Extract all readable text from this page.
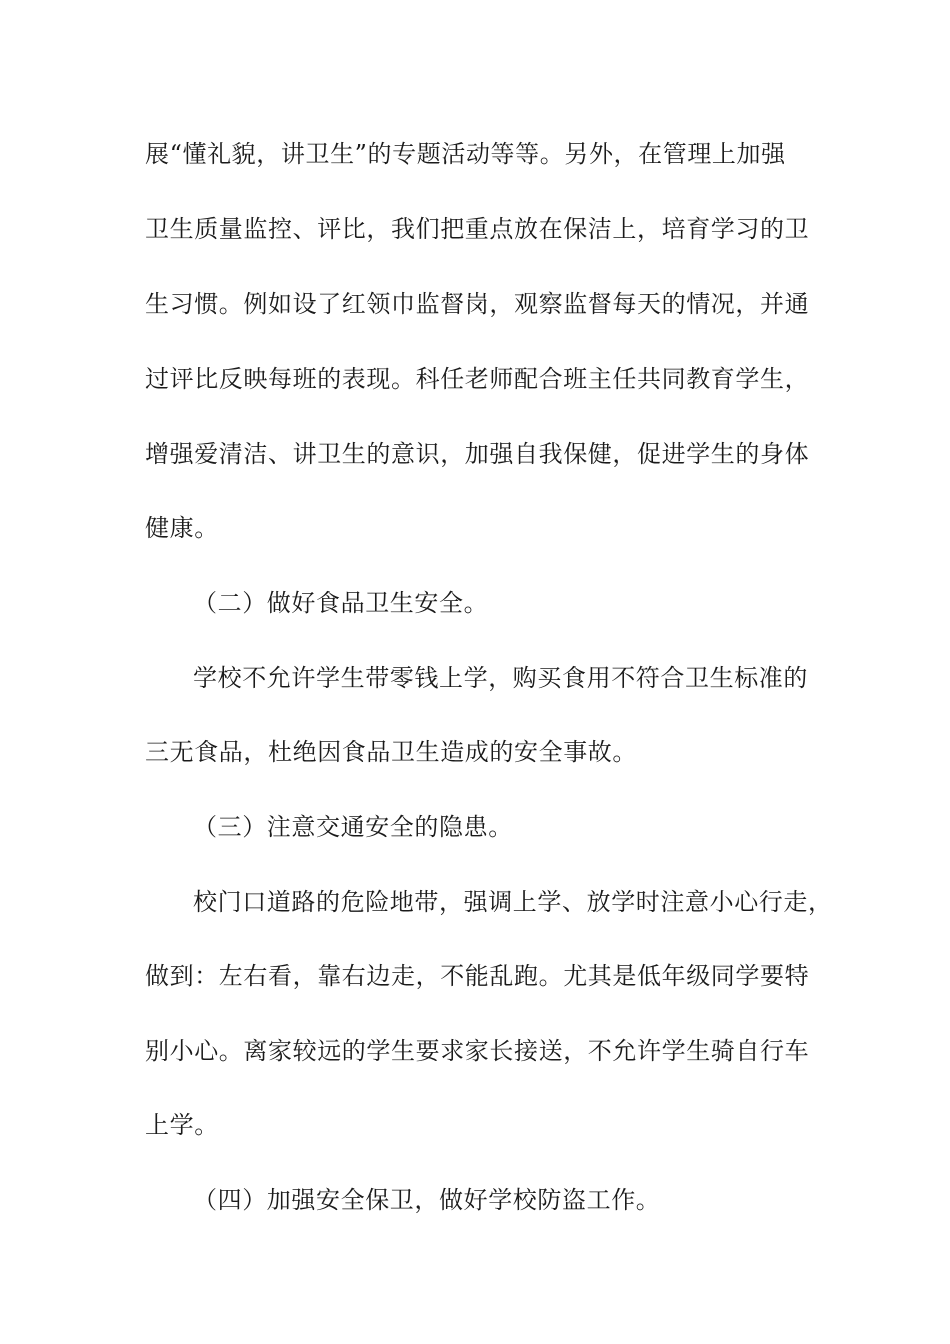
展“懂礼貌，讲卫生”的专题活动等等。另外，在管理上加强
卫生质量监控、评比，我们把重点放在保洁上，培育学习的卫
生习惯。例如设了红领巾监督岗，观察监督每天的情况，并通
过评比反映每班的表现。科任老师配合班主任共同教育学生，
增强爱清洁、讲卫生的意识，加强自我保健，促进学生的身体
健康。
（二）做好食品卫生安全。
学校不允许学生带零钱上学，购买食用不符合卫生标准的
三无食品，杜绝因食品卫生造成的安全事故。
（三）注意交通安全的隐患。
校门口道路的危险地带，强调上学、放学时注意小心行走，
做到：左右看，靠右边走，不能乱跑。尤其是低年级同学要特
别小心。离家较远的学生要求家长接送，不允许学生骑自行车
上学。
（四）加强安全保卫，做好学校防盗工作。
